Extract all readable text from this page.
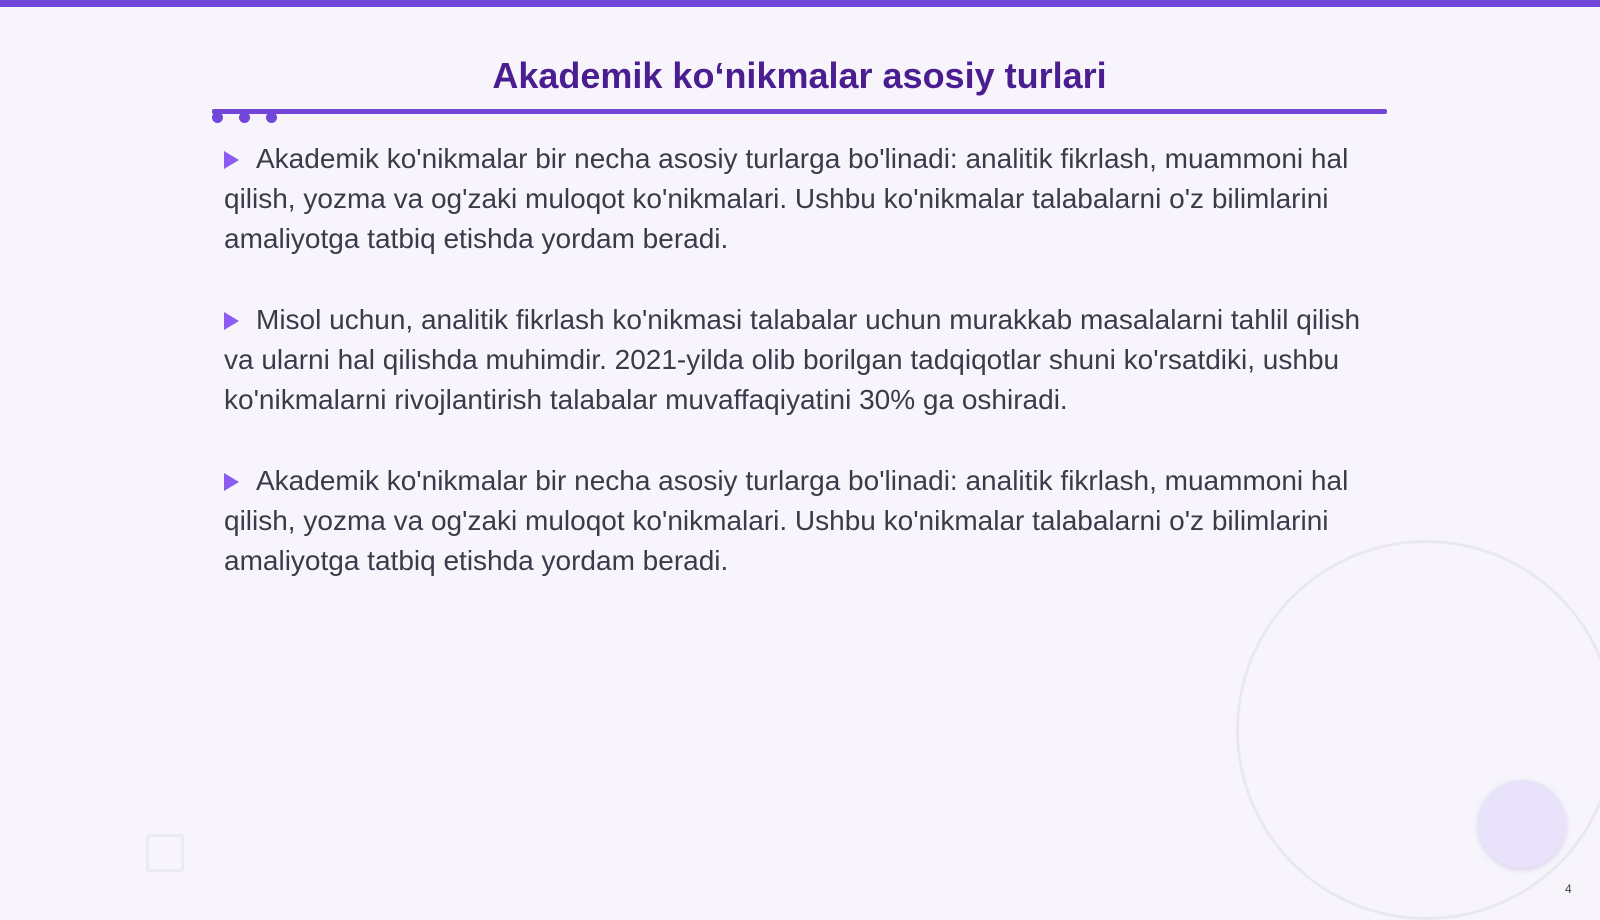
Akademik ko‘nikmalar asosiy turlari

Akademik ko'nikmalar bir necha asosiy turlarga bo'linadi: analitik fikrlash, muammoni hal qilish, yozma va og'zaki muloqot ko'nikmalari. Ushbu ko'nikmalar talabalarni o'z bilimlarini amaliyotga tatbiq etishda yordam beradi.

Misol uchun, analitik fikrlash ko'nikmasi talabalar uchun murakkab masalalarni tahlil qilish va ularni hal qilishda muhimdir. 2021-yilda olib borilgan tadqiqotlar shuni ko'rsatdiki, ushbu ko'nikmalarni rivojlantirish talabalar muvaffaqiyatini 30% ga oshiradi.

Akademik ko'nikmalar bir necha asosiy turlarga bo'linadi: analitik fikrlash, muammoni hal qilish, yozma va og'zaki muloqot ko'nikmalari. Ushbu ko'nikmalar talabalarni o'z bilimlarini amaliyotga tatbiq etishda yordam beradi.

4
